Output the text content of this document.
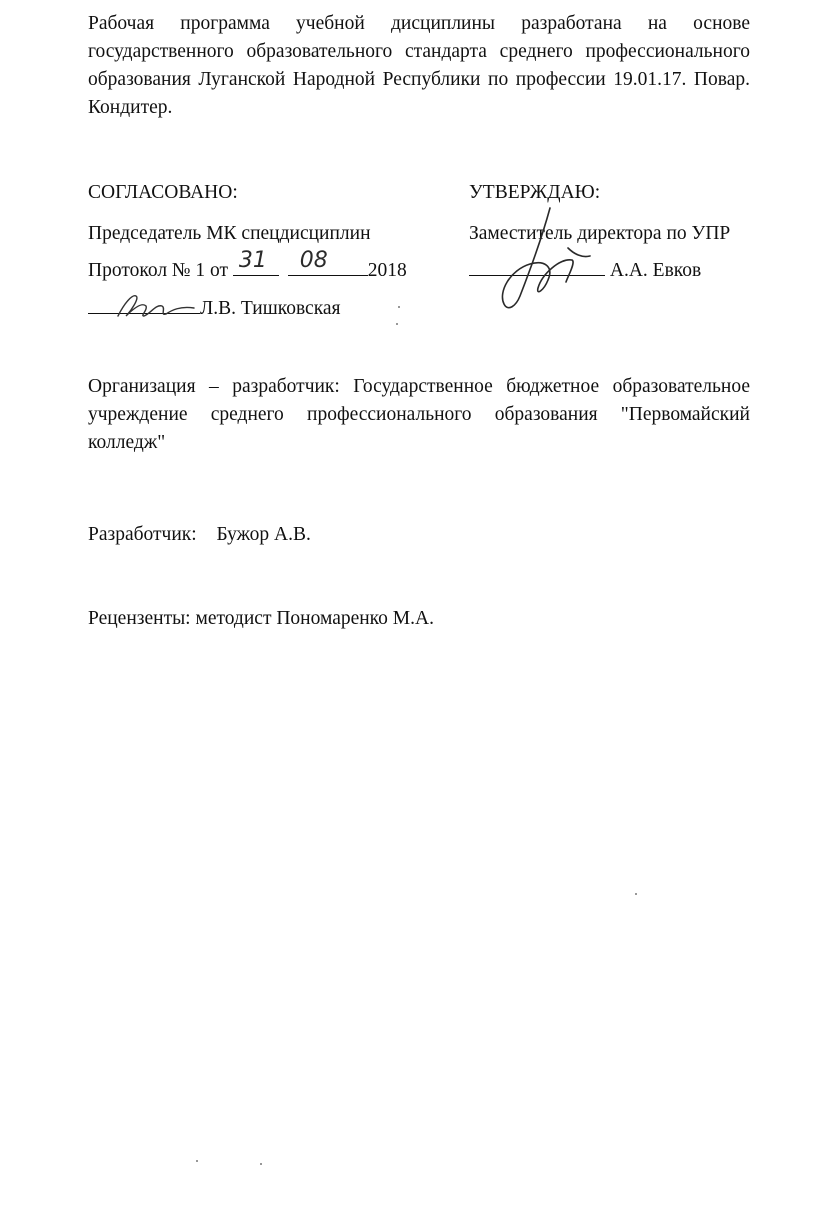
Рабочая программа учебной дисциплины разработана на основе
государственного образовательного стандарта среднего профессионального
образования Луганской Народной Республики по профессии 19.01.17. Повар.
Кондитер.
СОГЛАСОВАНО:
Председатель МК спецдисциплин
Протокол № 1 от 31
08 2018
Л.В. Тишковская
УТВЕРЖДАЮ:
Заместитель директора по УПР
А.А. Евков
Организация – разработчик: Государственное бюджетное образовательное
учреждение среднего профессионального образования "Первомайский
колледж"
Разработчик: Бужор А.В.
Рецензенты: методист Пономаренко М.А.
